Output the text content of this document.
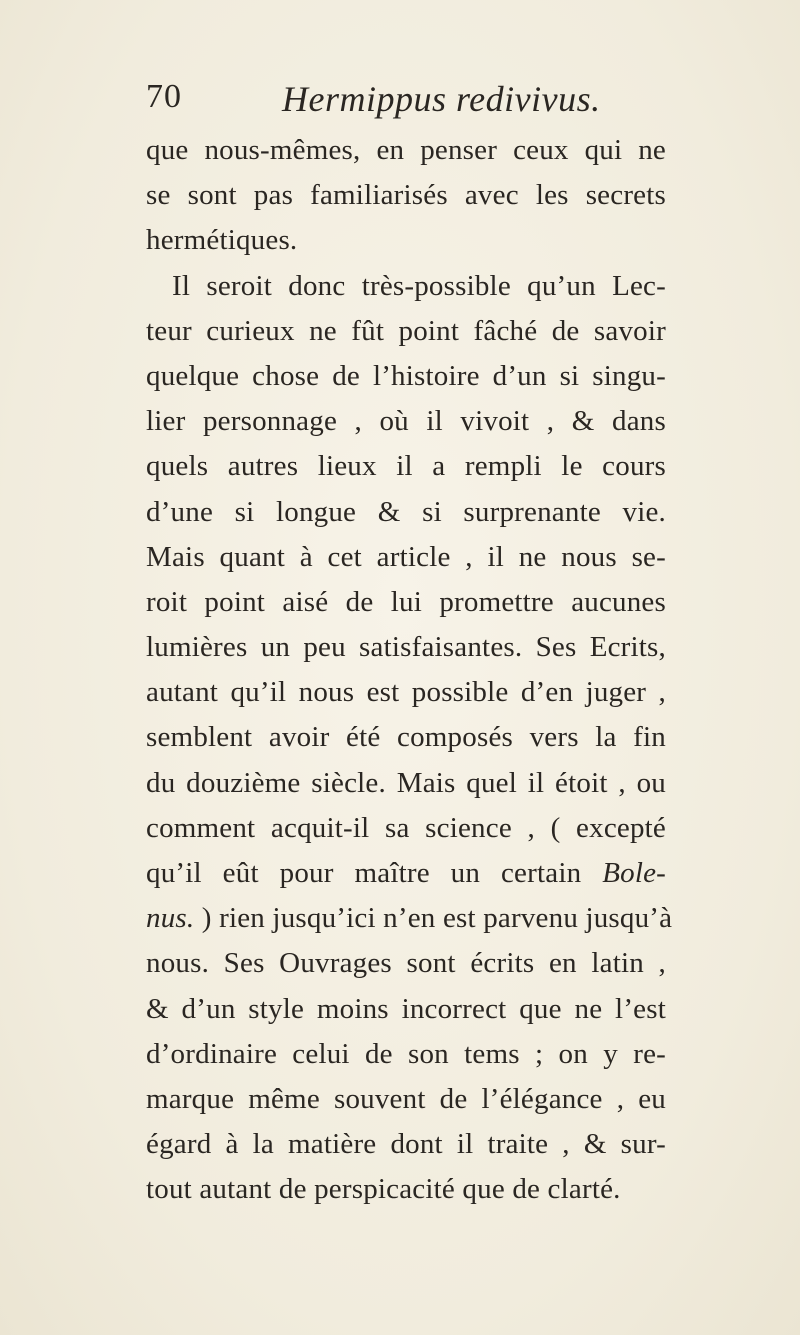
70	Hermippus redivivus.
que nous-mêmes, en penser ceux qui ne
se sont pas familiarisés avec les secrets
hermétiques.
Il seroit donc très-possible qu’un Lec-
teur curieux ne fût point fâché de savoir
quelque chose de l’histoire d’un si singu-
lier personnage , où il vivoit , & dans
quels autres lieux il a rempli le cours
d’une si longue & si surprenante vie.
Mais quant à cet article , il ne nous se-
roit point aisé de lui promettre aucunes
lumières un peu satisfaisantes. Ses Ecrits,
autant qu’il nous est possible d’en juger ,
semblent avoir été composés vers la fin
du douzième siècle. Mais quel il étoit , ou
comment acquit-il sa science , ( excepté
qu’il eût pour maître un certain Bole-
nus. ) rien jusqu’ici n’en est parvenu jusqu’à
nous. Ses Ouvrages sont écrits en latin ,
& d’un style moins incorrect que ne l’est
d’ordinaire celui de son tems ; on y re-
marque même souvent de l’élégance , eu
égard à la matière dont il traite , & sur-
tout autant de perspicacité que de clarté.
